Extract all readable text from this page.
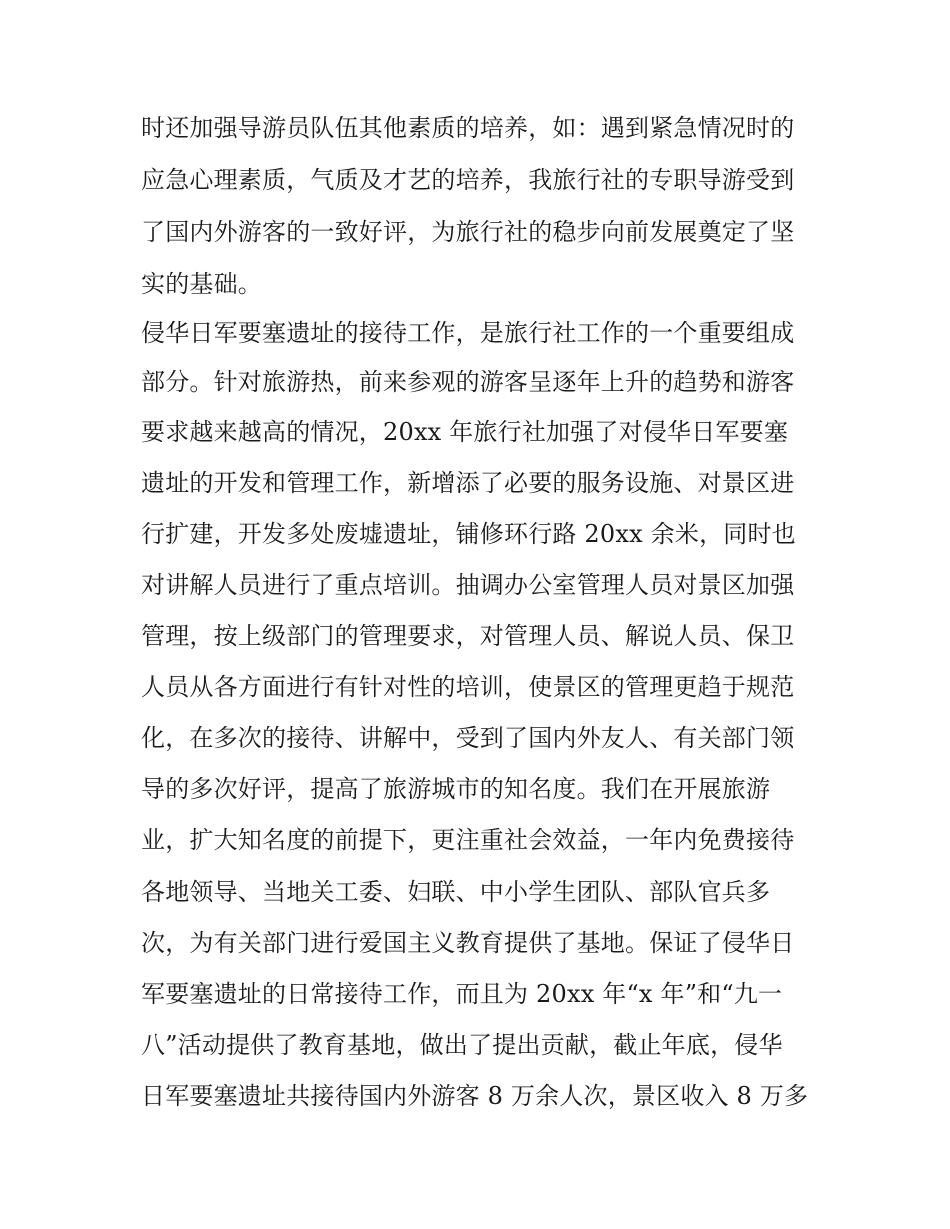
时还加强导游员队伍其他素质的培养，如：遇到紧急情况时的
应急心理素质，气质及才艺的培养，我旅行社的专职导游受到
了国内外游客的一致好评，为旅行社的稳步向前发展奠定了坚
实的基础。
侵华日军要塞遗址的接待工作，是旅行社工作的一个重要组成
部分。针对旅游热，前来参观的游客呈逐年上升的趋势和游客
要求越来越高的情况，20xx 年旅行社加强了对侵华日军要塞
遗址的开发和管理工作，新增添了必要的服务设施、对景区进
行扩建，开发多处废墟遗址，铺修环行路 20xx 余米，同时也
对讲解人员进行了重点培训。抽调办公室管理人员对景区加强
管理，按上级部门的管理要求，对管理人员、解说人员、保卫
人员从各方面进行有针对性的培训，使景区的管理更趋于规范
化，在多次的接待、讲解中，受到了国内外友人、有关部门领
导的多次好评，提高了旅游城市的知名度。我们在开展旅游
业，扩大知名度的前提下，更注重社会效益，一年内免费接待
各地领导、当地关工委、妇联、中小学生团队、部队官兵多
次，为有关部门进行爱国主义教育提供了基地。保证了侵华日
军要塞遗址的日常接待工作，而且为 20xx 年“x 年”和“九一
八”活动提供了教育基地，做出了提出贡献，截止年底，侵华
日军要塞遗址共接待国内外游客 8 万余人次，景区收入 8 万多
